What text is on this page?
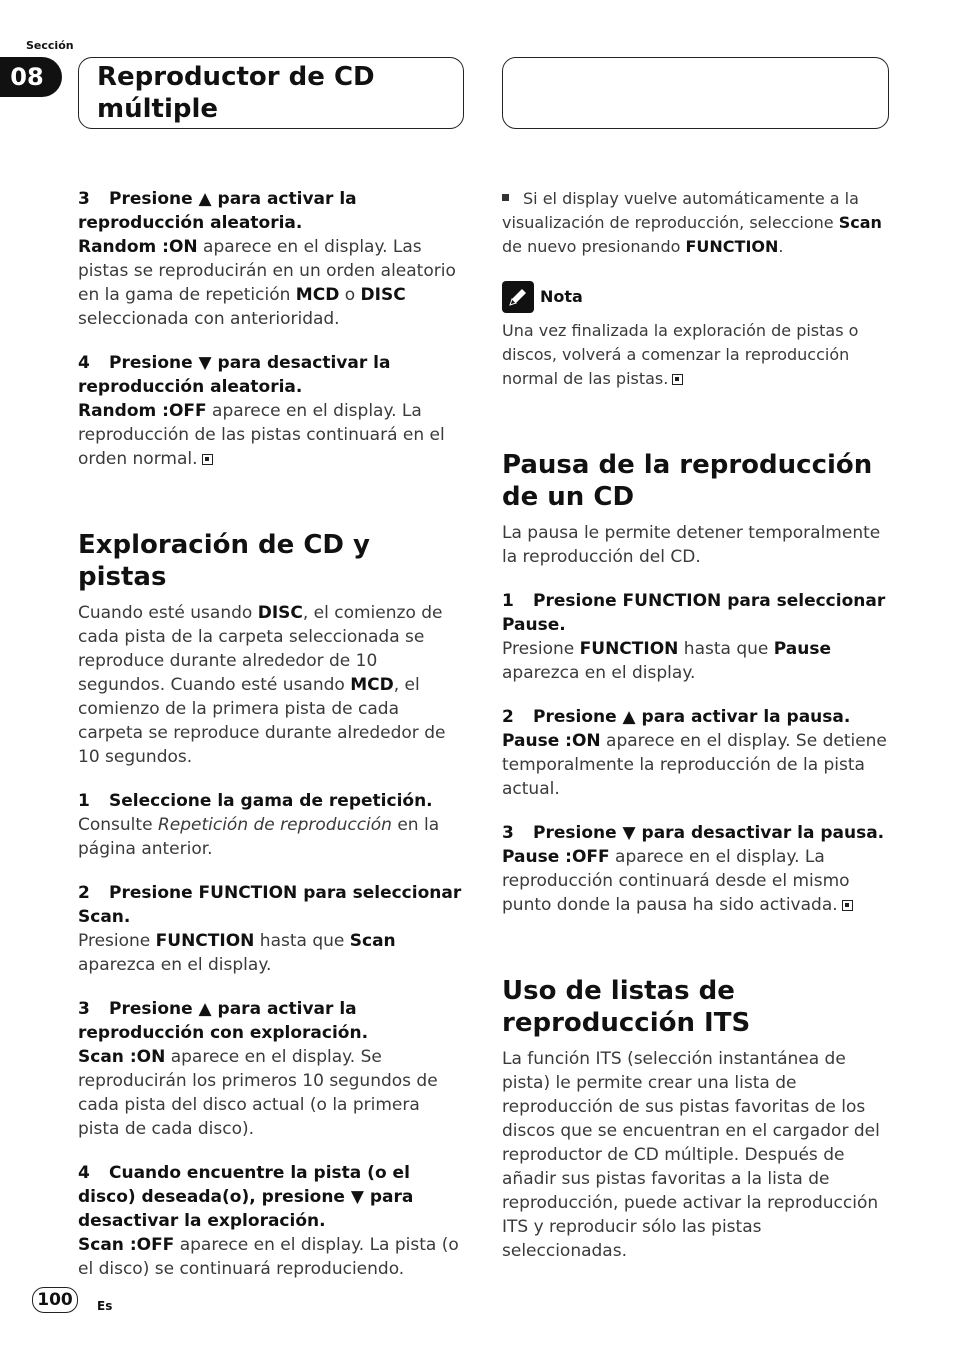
Sección
08	Reproductor de CD

múltiple

3 Presione ▲ para activar la reproducción aleatoria.

Random :ON aparece en el display. Las pistas se reproducirán en un orden aleatorio en la gama de repetición MCD o DISC seleccionada con anterioridad.

4 Presione ▼ para desactivar la reproducción aleatoria.

Random :OFF aparece en el display. La reproducción de las pistas continuará en el orden normal.

Exploración de CD y pistas

Cuando esté usando DISC, el comienzo de cada pista de la carpeta seleccionada se reproduce durante alrededor de 10 segundos. Cuando esté usando MCD, el comienzo de la primera pista de cada carpeta se reproduce durante alrededor de 10 segundos.

1 Seleccione la gama de repetición.

Consulte Repetición de reproducción en la página anterior.

2 Presione FUNCTION para seleccionar Scan.

Presione FUNCTION hasta que Scan aparezca en el display.

3 Presione ▲ para activar la reproducción con exploración.

Scan :ON aparece en el display. Se reproducirán los primeros 10 segundos de cada pista del disco actual (o la primera pista de cada disco).

4 Cuando encuentre la pista (o el disco) deseada(o), presione ▼ para desactivar la exploración.

Scan :OFF aparece en el display. La pista (o el disco) se continuará reproduciendo.

Si el display vuelve automáticamente a la visualización de reproducción, seleccione Scan de nuevo presionando FUNCTION.

Nota

Una vez finalizada la exploración de pistas o discos, volverá a comenzar la reproducción normal de las pistas.

Pausa de la reproducción de un CD

La pausa le permite detener temporalmente la reproducción del CD.

1 Presione FUNCTION para seleccionar Pause.

Presione FUNCTION hasta que Pause aparezca en el display.

2 Presione ▲ para activar la pausa.

Pause :ON aparece en el display. Se detiene temporalmente la reproducción de la pista actual.

3 Presione ▼ para desactivar la pausa.

Pause :OFF aparece en el display. La reproducción continuará desde el mismo punto donde la pausa ha sido activada.

Uso de listas de reproducción ITS

La función ITS (selección instantánea de pista) le permite crear una lista de reproducción de sus pistas favoritas de los discos que se encuentran en el cargador del reproductor de CD múltiple. Después de añadir sus pistas favoritas a la lista de reproducción, puede activar la reproducción ITS y reproducir sólo las pistas seleccionadas.

100	Es
